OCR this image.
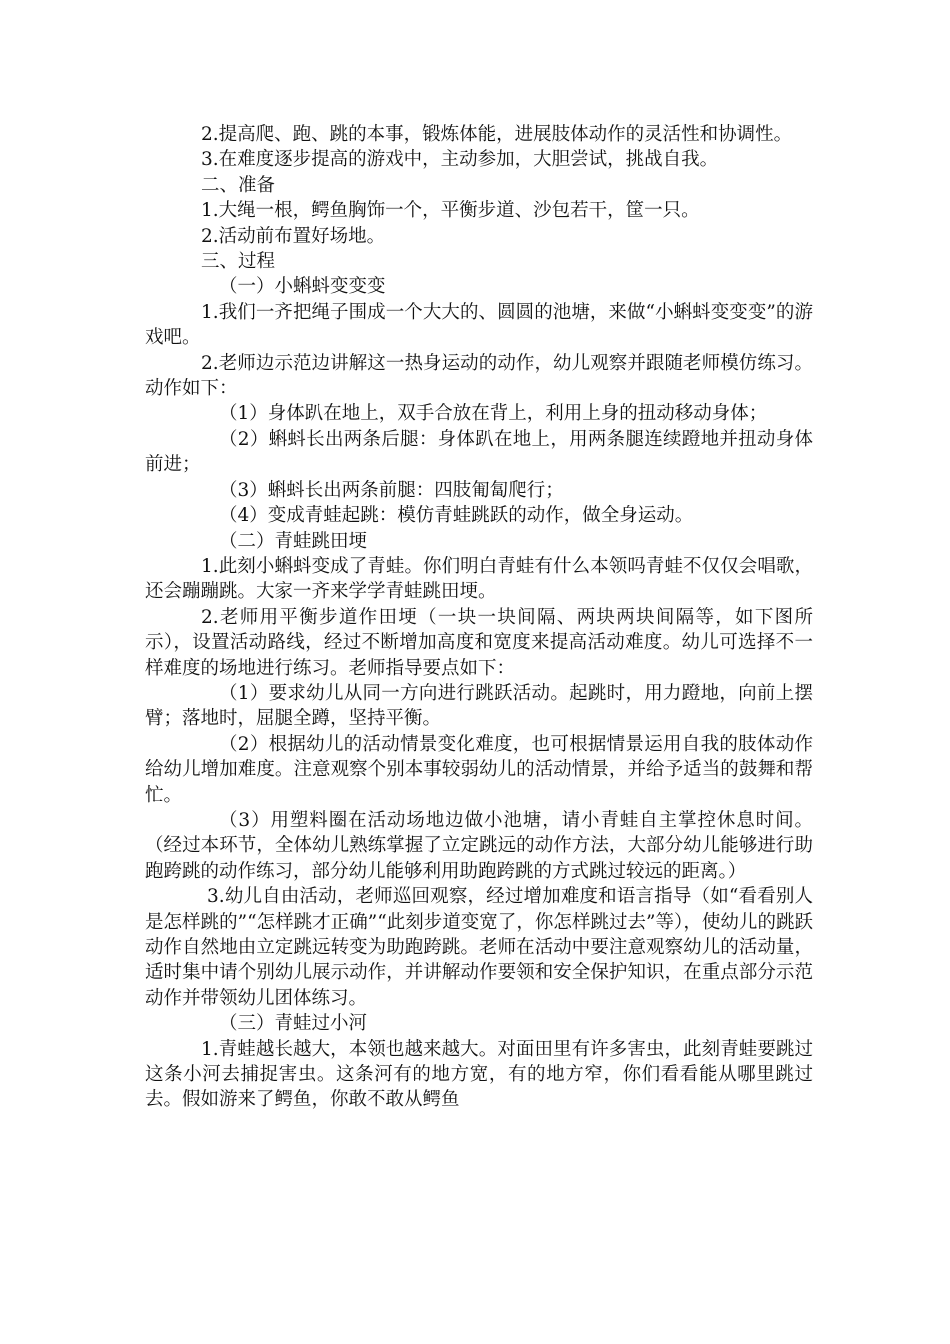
2.提高爬、跑、跳的本事，锻炼体能，进展肢体动作的灵活性和协调性。

3.在难度逐步提高的游戏中，主动参加，大胆尝试，挑战自我。

二、准备

1.大绳一根，鳄鱼胸饰一个，平衡步道、沙包若干，筐一只。

2.活动前布置好场地。

三、过程

（一）小蝌蚪变变变

1.我们一齐把绳子围成一个大大的、圆圆的池塘，来做“小蝌蚪变变变”的游戏吧。

2.老师边示范边讲解这一热身运动的动作，幼儿观察并跟随老师模仿练习。动作如下：

（1）身体趴在地上，双手合放在背上，利用上身的扭动移动身体；

（2）蝌蚪长出两条后腿：身体趴在地上，用两条腿连续蹬地并扭动身体前进；

（3）蝌蚪长出两条前腿：四肢匍匐爬行；

（4）变成青蛙起跳：模仿青蛙跳跃的动作，做全身运动。

（二）青蛙跳田埂

1.此刻小蝌蚪变成了青蛙。你们明白青蛙有什么本领吗青蛙不仅仅会唱歌，还会蹦蹦跳。大家一齐来学学青蛙跳田埂。

2.老师用平衡步道作田埂（一块一块间隔、两块两块间隔等，如下图所示），设置活动路线，经过不断增加高度和宽度来提高活动难度。幼儿可选择不一样难度的场地进行练习。老师指导要点如下：

（1）要求幼儿从同一方向进行跳跃活动。起跳时，用力蹬地，向前上摆臂；落地时，屈腿全蹲，坚持平衡。

（2）根据幼儿的活动情景变化难度，也可根据情景运用自我的肢体动作给幼儿增加难度。注意观察个别本事较弱幼儿的活动情景，并给予适当的鼓舞和帮忙。

（3）用塑料圈在活动场地边做小池塘，请小青蛙自主掌控休息时间。（经过本环节，全体幼儿熟练掌握了立定跳远的动作方法，大部分幼儿能够进行助跑跨跳的动作练习，部分幼儿能够利用助跑跨跳的方式跳过较远的距离。）

3.幼儿自由活动，老师巡回观察，经过增加难度和语言指导（如“看看别人是怎样跳的”“怎样跳才正确”“此刻步道变宽了，你怎样跳过去”等），使幼儿的跳跃动作自然地由立定跳远转变为助跑跨跳。老师在活动中要注意观察幼儿的活动量，适时集中请个别幼儿展示动作，并讲解动作要领和安全保护知识，在重点部分示范动作并带领幼儿团体练习。

（三）青蛙过小河

1.青蛙越长越大，本领也越来越大。对面田里有许多害虫，此刻青蛙要跳过这条小河去捕捉害虫。这条河有的地方宽，有的地方窄，你们看看能从哪里跳过去。假如游来了鳄鱼，你敢不敢从鳄鱼
